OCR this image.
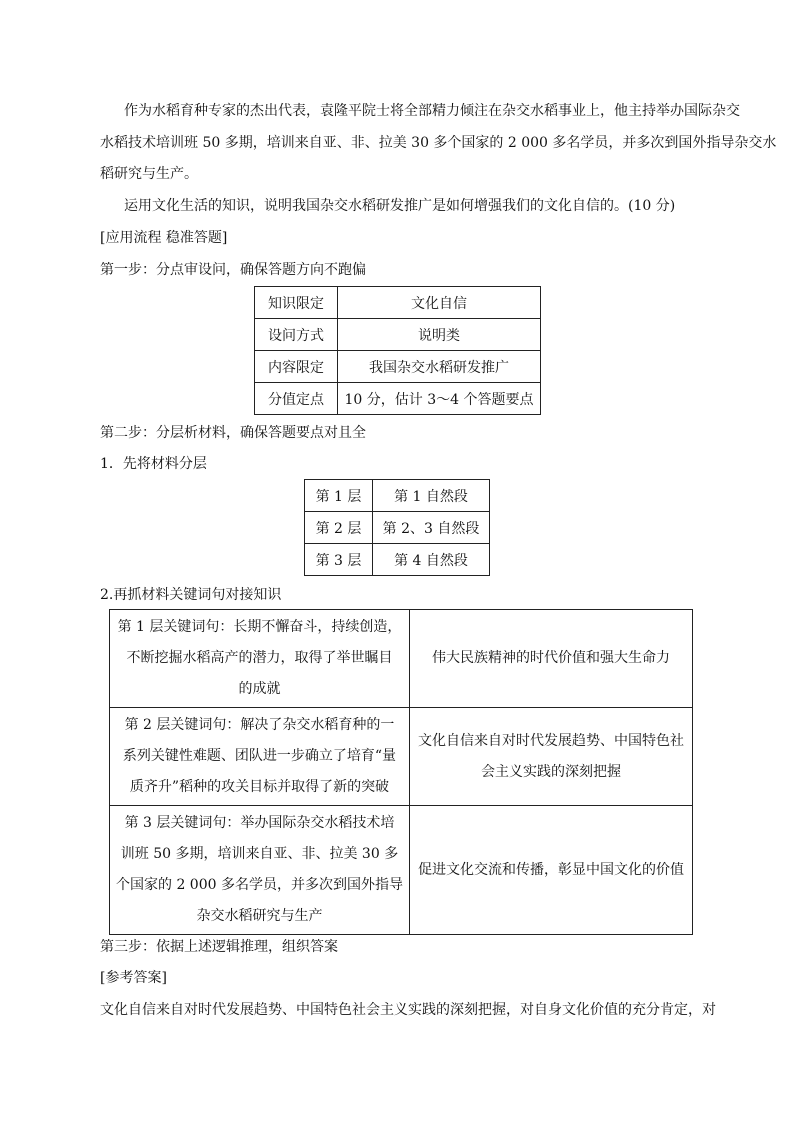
作为水稻育种专家的杰出代表，袁隆平院士将全部精力倾注在杂交水稻事业上，他主持举办国际杂交
水稻技术培训班 50 多期，培训来自亚、非、拉美 30 多个国家的 2 000 多名学员，并多次到国外指导杂交水
稻研究与生产。
运用文化生活的知识，说明我国杂交水稻研发推广是如何增强我们的文化自信的。(10 分)
[应用流程 稳准答题]
第一步：分点审设问，确保答题方向不跑偏
知识限定	文化自信
设问方式	说明类
内容限定	我国杂交水稻研发推广
分值定点	10 分，估计 3～4 个答题要点
第二步：分层析材料，确保答题要点对且全
1．先将材料分层
第 1 层	第 1 自然段
第 2 层	第 2、3 自然段
第 3 层	第 4 自然段
2.再抓材料关键词句对接知识
第 1 层关键词句：长期不懈奋斗，持续创造，
不断挖掘水稻高产的潜力，取得了举世瞩目
的成就	伟大民族精神的时代价值和强大生命力

第 2 层关键词句：解决了杂交水稻育种的一
系列关键性难题、团队进一步确立了培育“量
质齐升”稻种的攻关目标并取得了新的突破	文化自信来自对时代发展趋势、中国特色社
会主义实践的深刻把握

第 3 层关键词句：举办国际杂交水稻技术培
训班 50 多期，培训来自亚、非、拉美 30 多
个国家的 2 000 多名学员，并多次到国外指导
杂交水稻研究与生产	促进文化交流和传播，彰显中国文化的价值
第三步：依据上述逻辑推理，组织答案
[参考答案]
文化自信来自对时代发展趋势、中国特色社会主义实践的深刻把握，对自身文化价值的充分肯定，对
